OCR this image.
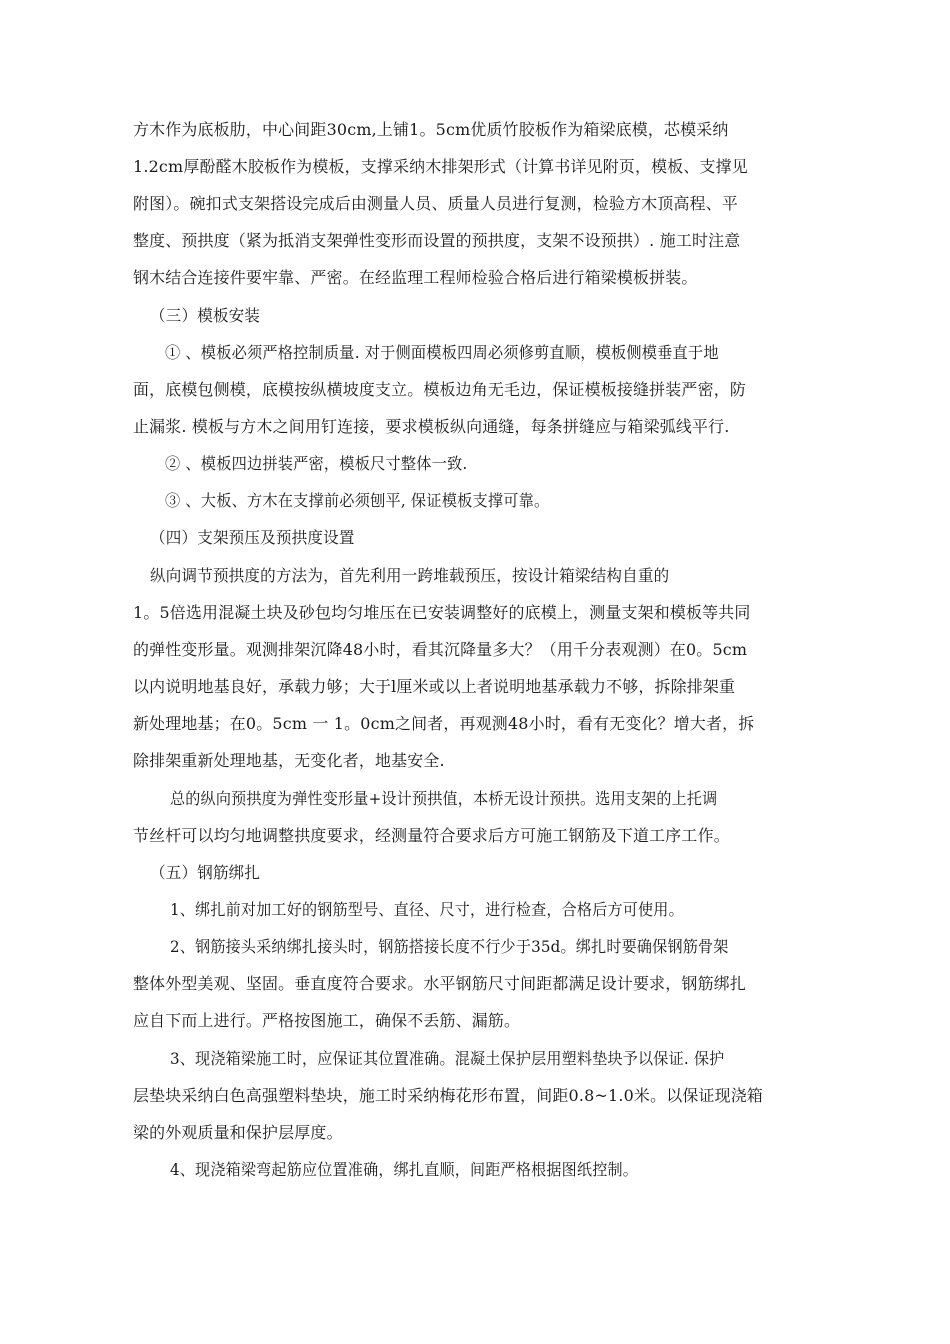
方木作为底板肋，中心间距30cm,上铺1。5cm优质竹胶板作为箱梁底模，芯模采纳
1.2cm厚酚醛木胶板作为模板，支撑采纳木排架形式（计算书详见附页，模板、支撑见
附图）。碗扣式支架搭设完成后由测量人员、质量人员进行复测，检验方木顶高程、平
整度、预拱度（紧为抵消支架弹性变形而设置的预拱度，支架不设预拱）. 施工时注意
钢木结合连接件要牢靠、严密。在经监理工程师检验合格后进行箱梁模板拼装。
（三）模板安装
① 、模板必须严格控制质量. 对于侧面模板四周必须修剪直顺，模板侧模垂直于地
面，底模包侧模，底模按纵横坡度支立。模板边角无毛边，保证模板接缝拼装严密，防
止漏浆. 模板与方木之间用钉连接，要求模板纵向通缝，每条拼缝应与箱梁弧线平行.
② 、模板四边拼装严密，模板尺寸整体一致.
③ 、大板、方木在支撑前必须刨平, 保证模板支撑可靠。
（四）支架预压及预拱度设置
纵向调节预拱度的方法为，首先利用一跨堆载预压，按设计箱梁结构自重的
1。5倍选用混凝土块及砂包均匀堆压在已安装调整好的底模上，测量支架和模板等共同
的弹性变形量。观测排架沉降48小时，看其沉降量多大？（用千分表观测）在0。5cm
以内说明地基良好，承载力够；大于l厘米或以上者说明地基承载力不够，拆除排架重
新处理地基；在0。5cm 一 1。0cm之间者，再观测48小时，看有无变化？增大者，拆
除排架重新处理地基，无变化者，地基安全.
总的纵向预拱度为弹性变形量+设计预拱值，本桥无设计预拱。选用支架的上托调
节丝杆可以均匀地调整拱度要求，经测量符合要求后方可施工钢筋及下道工序工作。
（五）钢筋绑扎
1、绑扎前对加工好的钢筋型号、直径、尺寸，进行检查，合格后方可使用。
2、钢筋接头采纳绑扎接头时，钢筋搭接长度不行少于35d。绑扎时要确保钢筋骨架
整体外型美观、坚固。垂直度符合要求。水平钢筋尺寸间距都满足设计要求，钢筋绑扎
应自下而上进行。严格按图施工，确保不丢筋、漏筋。
3、现浇箱梁施工时，应保证其位置准确。混凝土保护层用塑料垫块予以保证. 保护
层垫块采纳白色高强塑料垫块，施工时采纳梅花形布置，间距0.8~1.0米。以保证现浇箱
梁的外观质量和保护层厚度。
4、现浇箱梁弯起筋应位置准确，绑扎直顺，间距严格根据图纸控制。
